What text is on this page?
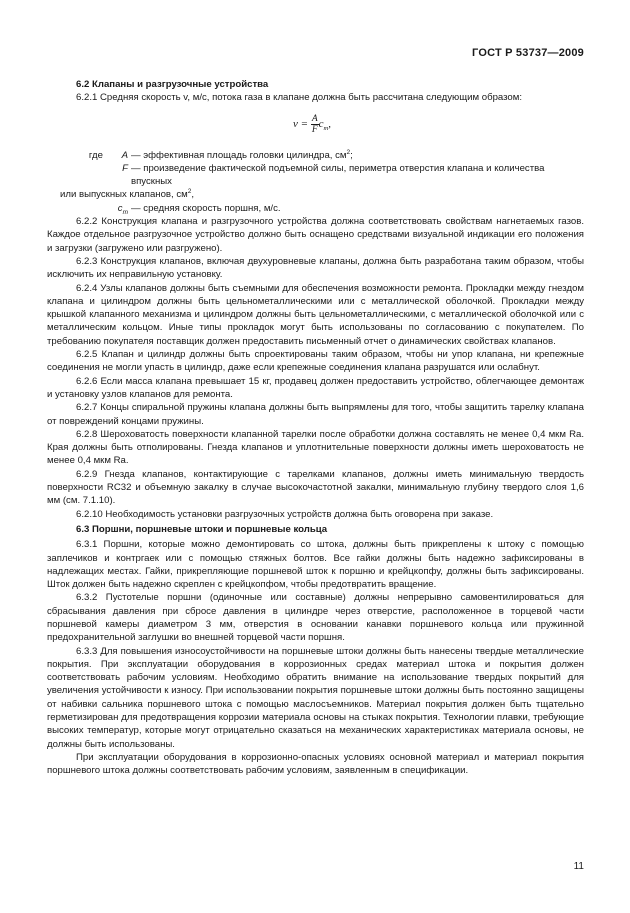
ГОСТ Р 53737—2009

6.2 Клапаны и разгрузочные устройства

6.2.1 Средняя скорость v, м/с, потока газа в клапане должна быть рассчитана следующим образом:

$v = \frac{A}{F} c_m$,
где A — эффективная площадь головки цилиндра, $см^2$;
F — произведение фактической подъемной силы, периметра отверстия клапана и количества впускных
или выпускных клапанов, $см^2$,
$c_m$ — средняя скорость поршня, м/с.

6.2.2 Конструкция клапана и разгрузочного устройства должна соответствовать свойствам нагнетаемых газов. Каждое отдельное разгрузочное устройство должно быть оснащено средствами визуальной индикации его положения и загрузки (загружено или разгружено).

6.2.3 Конструкция клапанов, включая двухуровневые клапаны, должна быть разработана таким образом, чтобы исключить их неправильную установку.

6.2.4 Узлы клапанов должны быть съемными для обеспечения возможности ремонта. Прокладки между гнездом клапана и цилиндром должны быть цельнометаллическими или с металлической оболочкой. Прокладки между крышкой клапанного механизма и цилиндром должны быть цельнометаллическими, с металлической оболочкой или с металлическим кольцом. Иные типы прокладок могут быть использованы по согласованию с покупателем. По требованию покупателя поставщик должен предоставить письменный отчет о динамических свойствах клапанов.

6.2.5 Клапан и цилиндр должны быть спроектированы таким образом, чтобы ни упор клапана, ни крепежные соединения не могли упасть в цилиндр, даже если крепежные соединения клапана разрушатся или ослабнут.

6.2.6 Если масса клапана превышает 15 кг, продавец должен предоставить устройство, облегчающее демонтаж и установку узлов клапанов для ремонта.

6.2.7 Концы спиральной пружины клапана должны быть выпрямлены для того, чтобы защитить тарелку клапана от повреждений концами пружины.

6.2.8 Шероховатость поверхности клапанной тарелки после обработки должна составлять не менее 0,4 мкм Ra. Края должны быть отполированы. Гнезда клапанов и уплотнительные поверхности должны иметь шероховатость не менее 0,4 мкм Ra.

6.2.9 Гнезда клапанов, контактирующие с тарелками клапанов, должны иметь минимальную твердость поверхности RC32 и объемную закалку в случае высокочастотной закалки, минимальную глубину твердого слоя 1,6 мм (см. 7.1.10).

6.2.10 Необходимость установки разгрузочных устройств должна быть оговорена при заказе.

6.3 Поршни, поршневые штоки и поршневые кольца

6.3.1 Поршни, которые можно демонтировать со штока, должны быть прикреплены к штоку с помощью заплечиков и контргаек или с помощью стяжных болтов. Все гайки должны быть надежно зафиксированы в надлежащих местах. Гайки, прикрепляющие поршневой шток к поршню и крейцкопфу, должны быть зафиксированы. Шток должен быть надежно скреплен с крейцкопфом, чтобы предотвратить вращение.

6.3.2 Пустотелые поршни (одиночные или составные) должны непрерывно самовентилироваться для сбрасывания давления при сбросе давления в цилиндре через отверстие, расположенное в торцевой части поршневой камеры диаметром 3 мм, отверстия в основании канавки поршневого кольца или пружинной предохранительной заглушки во внешней торцевой части поршня.

6.3.3 Для повышения износоустойчивости на поршневые штоки должны быть нанесены твердые металлические покрытия. При эксплуатации оборудования в коррозионных средах материал штока и покрытия должен соответствовать рабочим условиям. Необходимо обратить внимание на использование твердых покрытий для увеличения устойчивости к износу. При использовании покрытия поршневые штоки должны быть постоянно защищены от набивки сальника поршневого штока с помощью маслосъемников. Материал покрытия должен быть тщательно герметизирован для предотвращения коррозии материала основы на стыках покрытия. Технологии плавки, требующие высоких температур, которые могут отрицательно сказаться на механических характеристиках материала основы, не должны быть использованы.

При эксплуатации оборудования в коррозионно-опасных условиях основной материал и материал покрытия поршневого штока должны соответствовать рабочим условиям, заявленным в спецификации.

11
